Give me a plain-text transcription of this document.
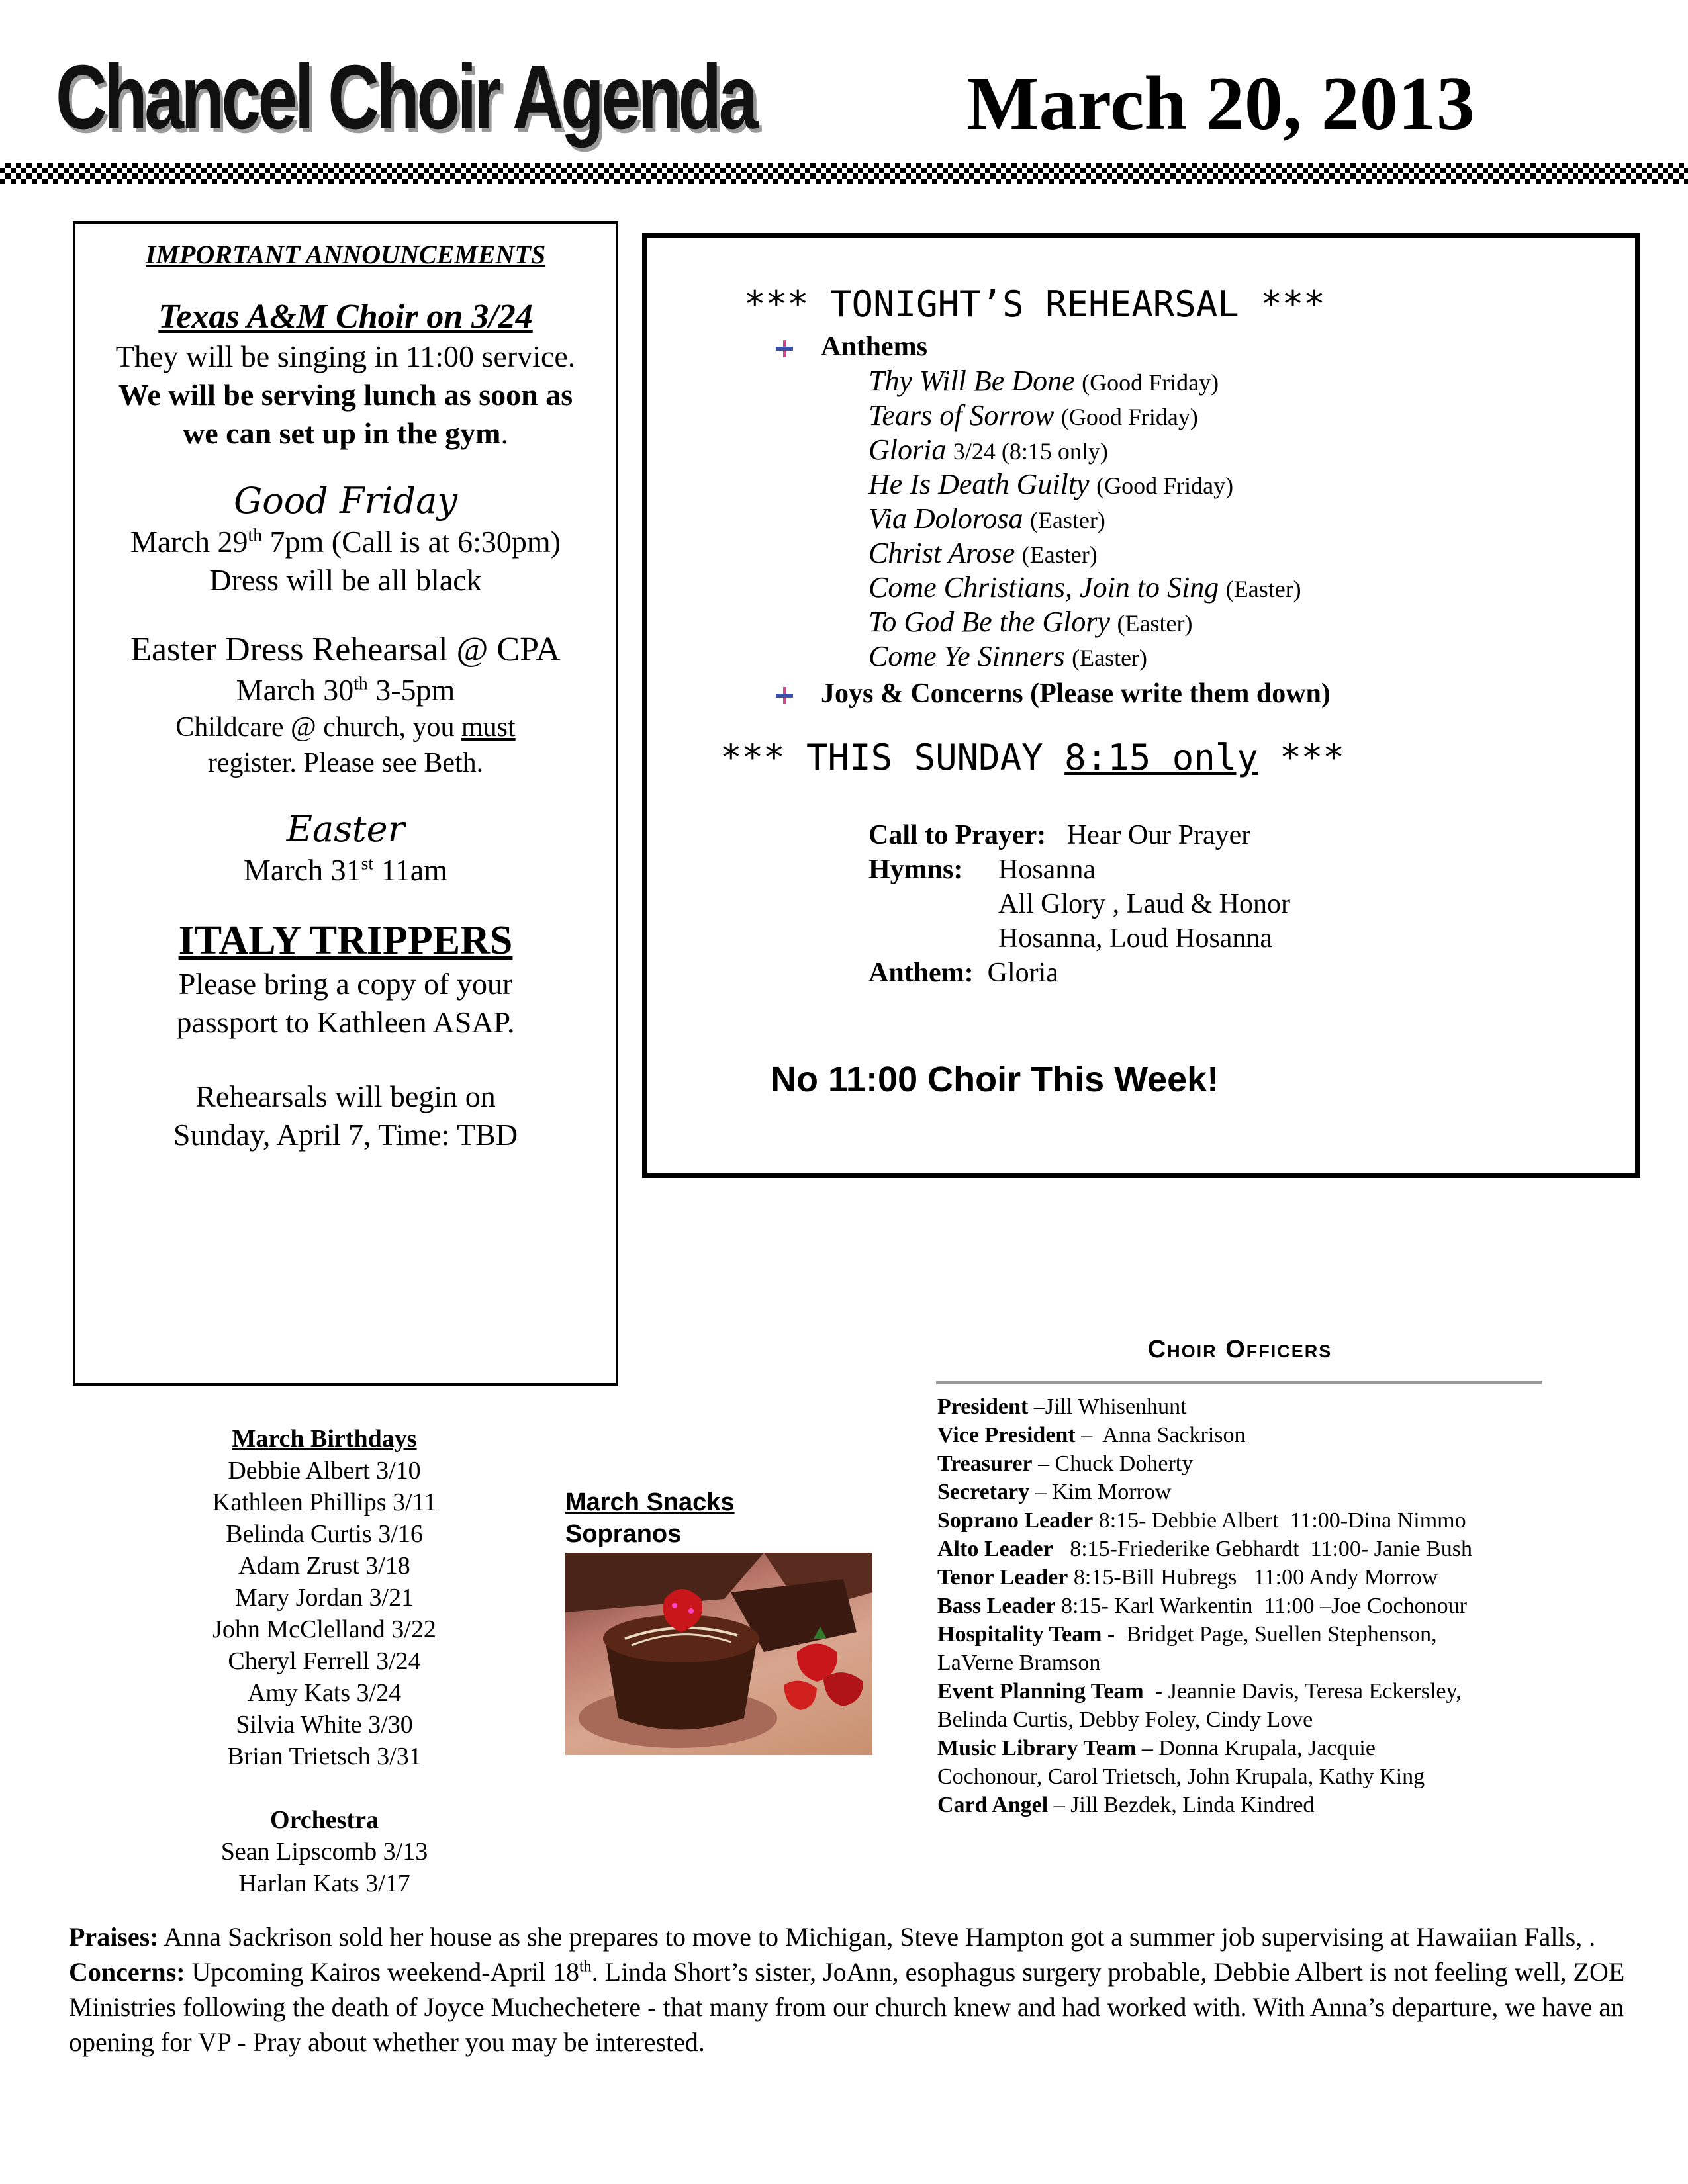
Chancel Choir Agenda	March 20, 2013
IMPORTANT ANNOUNCEMENTS
Texas A&M Choir on 3/24
They will be singing in 11:00 service.
We will be serving lunch as soon as we can set up in the gym.
Good Friday
March 29th 7pm (Call is at 6:30pm)
Dress will be all black
Easter Dress Rehearsal @ CPA
March 30th 3-5pm
Childcare @ church, you must
register. Please see Beth.
Easter
March 31st 11am
ITALY TRIPPERS
Please bring a copy of your
passport to Kathleen ASAP.
Rehearsals will begin on
Sunday, April 7, Time: TBD
*** TONIGHT’S REHEARSAL ***
Anthems
Joys & Concerns (Please write them down)
*** THIS SUNDAY 8:15 only ***
Call to Prayer: Hear Our Prayer
Hymns: Hosanna
All Glory , Laud & Honor
Hosanna, Loud Hosanna
Anthem: Gloria
No 11:00 Choir This Week!
Thy Will Be Done (Good Friday)
Tears of Sorrow (Good Friday)
Gloria 3/24 (8:15 only)
He Is Death Guilty (Good Friday)
Via Dolorosa (Easter)
Christ Arose (Easter)
Come Christians, Join to Sing (Easter)
To God Be the Glory (Easter)
Come Ye Sinners (Easter)
Choir Officers
President –Jill Whisenhunt
Vice President –  Anna Sackrison
Treasurer – Chuck Doherty
Secretary – Kim Morrow
Soprano Leader 8:15- Debbie Albert  11:00-Dina Nimmo
Alto Leader   8:15-Friederike Gebhardt  11:00- Janie Bush
Tenor Leader 8:15-Bill Hubregs   11:00 Andy Morrow
Bass Leader 8:15- Karl Warkentin  11:00 –Joe Cochonour
Hospitality Team -  Bridget Page, Suellen Stephenson,
LaVerne Bramson
Event Planning Team  - Jeannie Davis, Teresa Eckersley,
Belinda Curtis, Debby Foley, Cindy Love
Music Library Team – Donna Krupala, Jacquie
Cochonour, Carol Trietsch, John Krupala, Kathy King
Card Angel – Jill Bezdek, Linda Kindred
March Birthdays
Debbie Albert 3/10
Kathleen Phillips 3/11
Belinda Curtis 3/16
Adam Zrust 3/18
Mary Jordan 3/21
John McClelland 3/22
Cheryl Ferrell 3/24
Amy Kats 3/24
Silvia White 3/30
Brian Trietsch 3/31
Orchestra
Sean Lipscomb 3/13
Harlan Kats 3/17
March Snacks
Sopranos
Praises: Anna Sackrison sold her house as she prepares to move to Michigan, Steve Hampton got a summer job supervising at Hawaiian Falls, .
Concerns: Upcoming Kairos weekend-April 18th. Linda Short’s sister, JoAnn, esophagus surgery probable, Debbie Albert is not feeling well, ZOE Ministries following the death of Joyce Muchechetere - that many from our church knew and had worked with. With Anna’s departure, we have an opening for VP - Pray about whether you may be interested.
